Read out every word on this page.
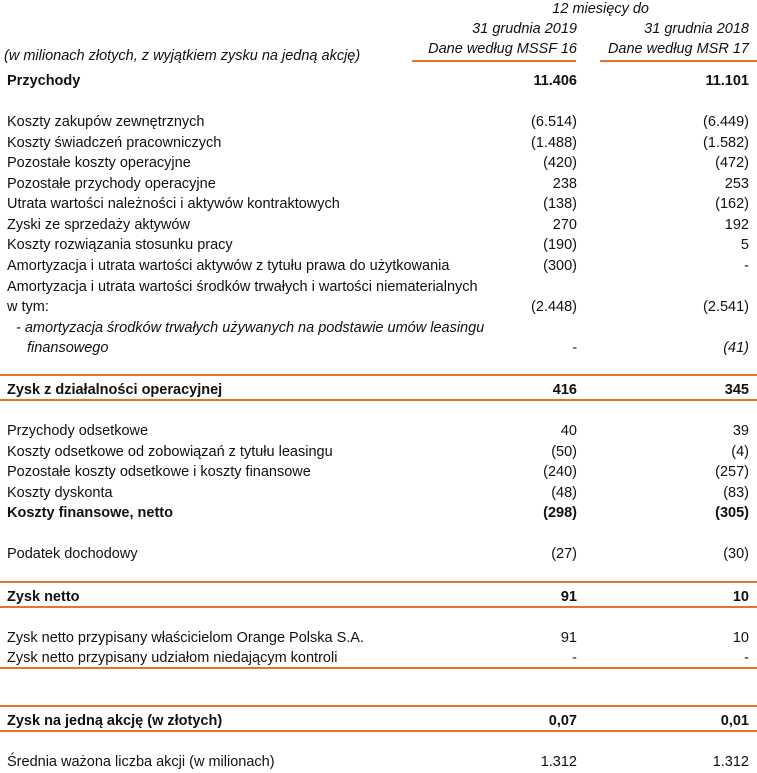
12 miesięcy do
31 grudnia 2019	31 grudnia 2018
(w milionach złotych, z wyjątkiem zysku na jedną akcję)	Dane według MSSF 16 Dane według MSR 17
Przychody	11.406	11.101
Koszty zakupów zewnętrznych	(6.514)	(6.449)
Koszty świadczeń pracowniczych	(1.488)	(1.582)
Pozostałe koszty operacyjne	(420)	(472)
Pozostałe przychody operacyjne	238	253
Utrata wartości należności i aktywów kontraktowych	(138)	(162)
Zyski ze sprzedaży aktywów	270	192
Koszty rozwiązania stosunku pracy	(190)	5
Amortyzacja i utrata wartości aktywów z tytułu prawa do użytkowania	(300)	-
Amortyzacja i utrata wartości środków trwałych i wartości niematerialnych
w tym:	(2.448)	(2.541)
- amortyzacja środków trwałych używanych na podstawie umów leasingu
finansowego	-	(41)
Zysk z działalności operacyjnej	416	345
Przychody odsetkowe	40	39
Koszty odsetkowe od zobowiązań z tytułu leasingu	(50)	(4)
Pozostałe koszty odsetkowe i koszty finansowe	(240)	(257)
Koszty dyskonta	(48)	(83)
Koszty finansowe, netto	(298)	(305)
Podatek dochodowy	(27)	(30)
Zysk netto	91	10
Zysk netto przypisany właścicielom Orange Polska S.A.	91	10
Zysk netto przypisany udziałom niedającym kontroli	-	-
Zysk na jedną akcję (w złotych)	0,07	0,01
Średnia ważona liczba akcji (w milionach)	1.312	1.312
